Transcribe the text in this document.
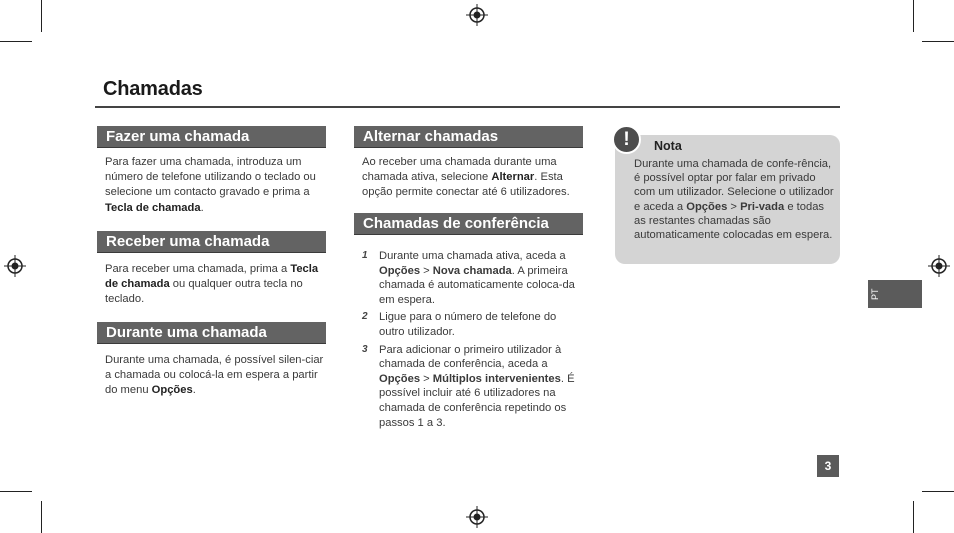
Chamadas
Fazer uma chamada
Para fazer uma chamada, introduza um número de telefone utilizando o teclado ou selecione um contacto gravado e prima a Tecla de chamada.
Receber uma chamada
Para receber uma chamada, prima a Tecla de chamada ou qualquer outra tecla no teclado.
Durante uma chamada
Durante uma chamada, é possível silen-ciar a chamada ou colocá-la em espera a partir do menu Opções.
Alternar chamadas
Ao receber uma chamada durante uma chamada ativa, selecione Alternar. Esta opção permite conectar até 6 utilizadores.
Chamadas de conferência
1 Durante uma chamada ativa, aceda a Opções > Nova chamada. A primeira chamada é automaticamente coloca-da em espera.
2 Ligue para o número de telefone do outro utilizador.
3 Para adicionar o primeiro utilizador à chamada de conferência, aceda a Opções > Múltiplos intervenientes. É possível incluir até 6 utilizadores na chamada de conferência repetindo os passos 1 a 3.
!	Nota
Durante uma chamada de confe-rência, é possível optar por falar em privado com um utilizador. Selecione o utilizador e aceda a Opções > Pri-vada e todas as restantes chamadas são automaticamente colocadas em espera.
PT
3
